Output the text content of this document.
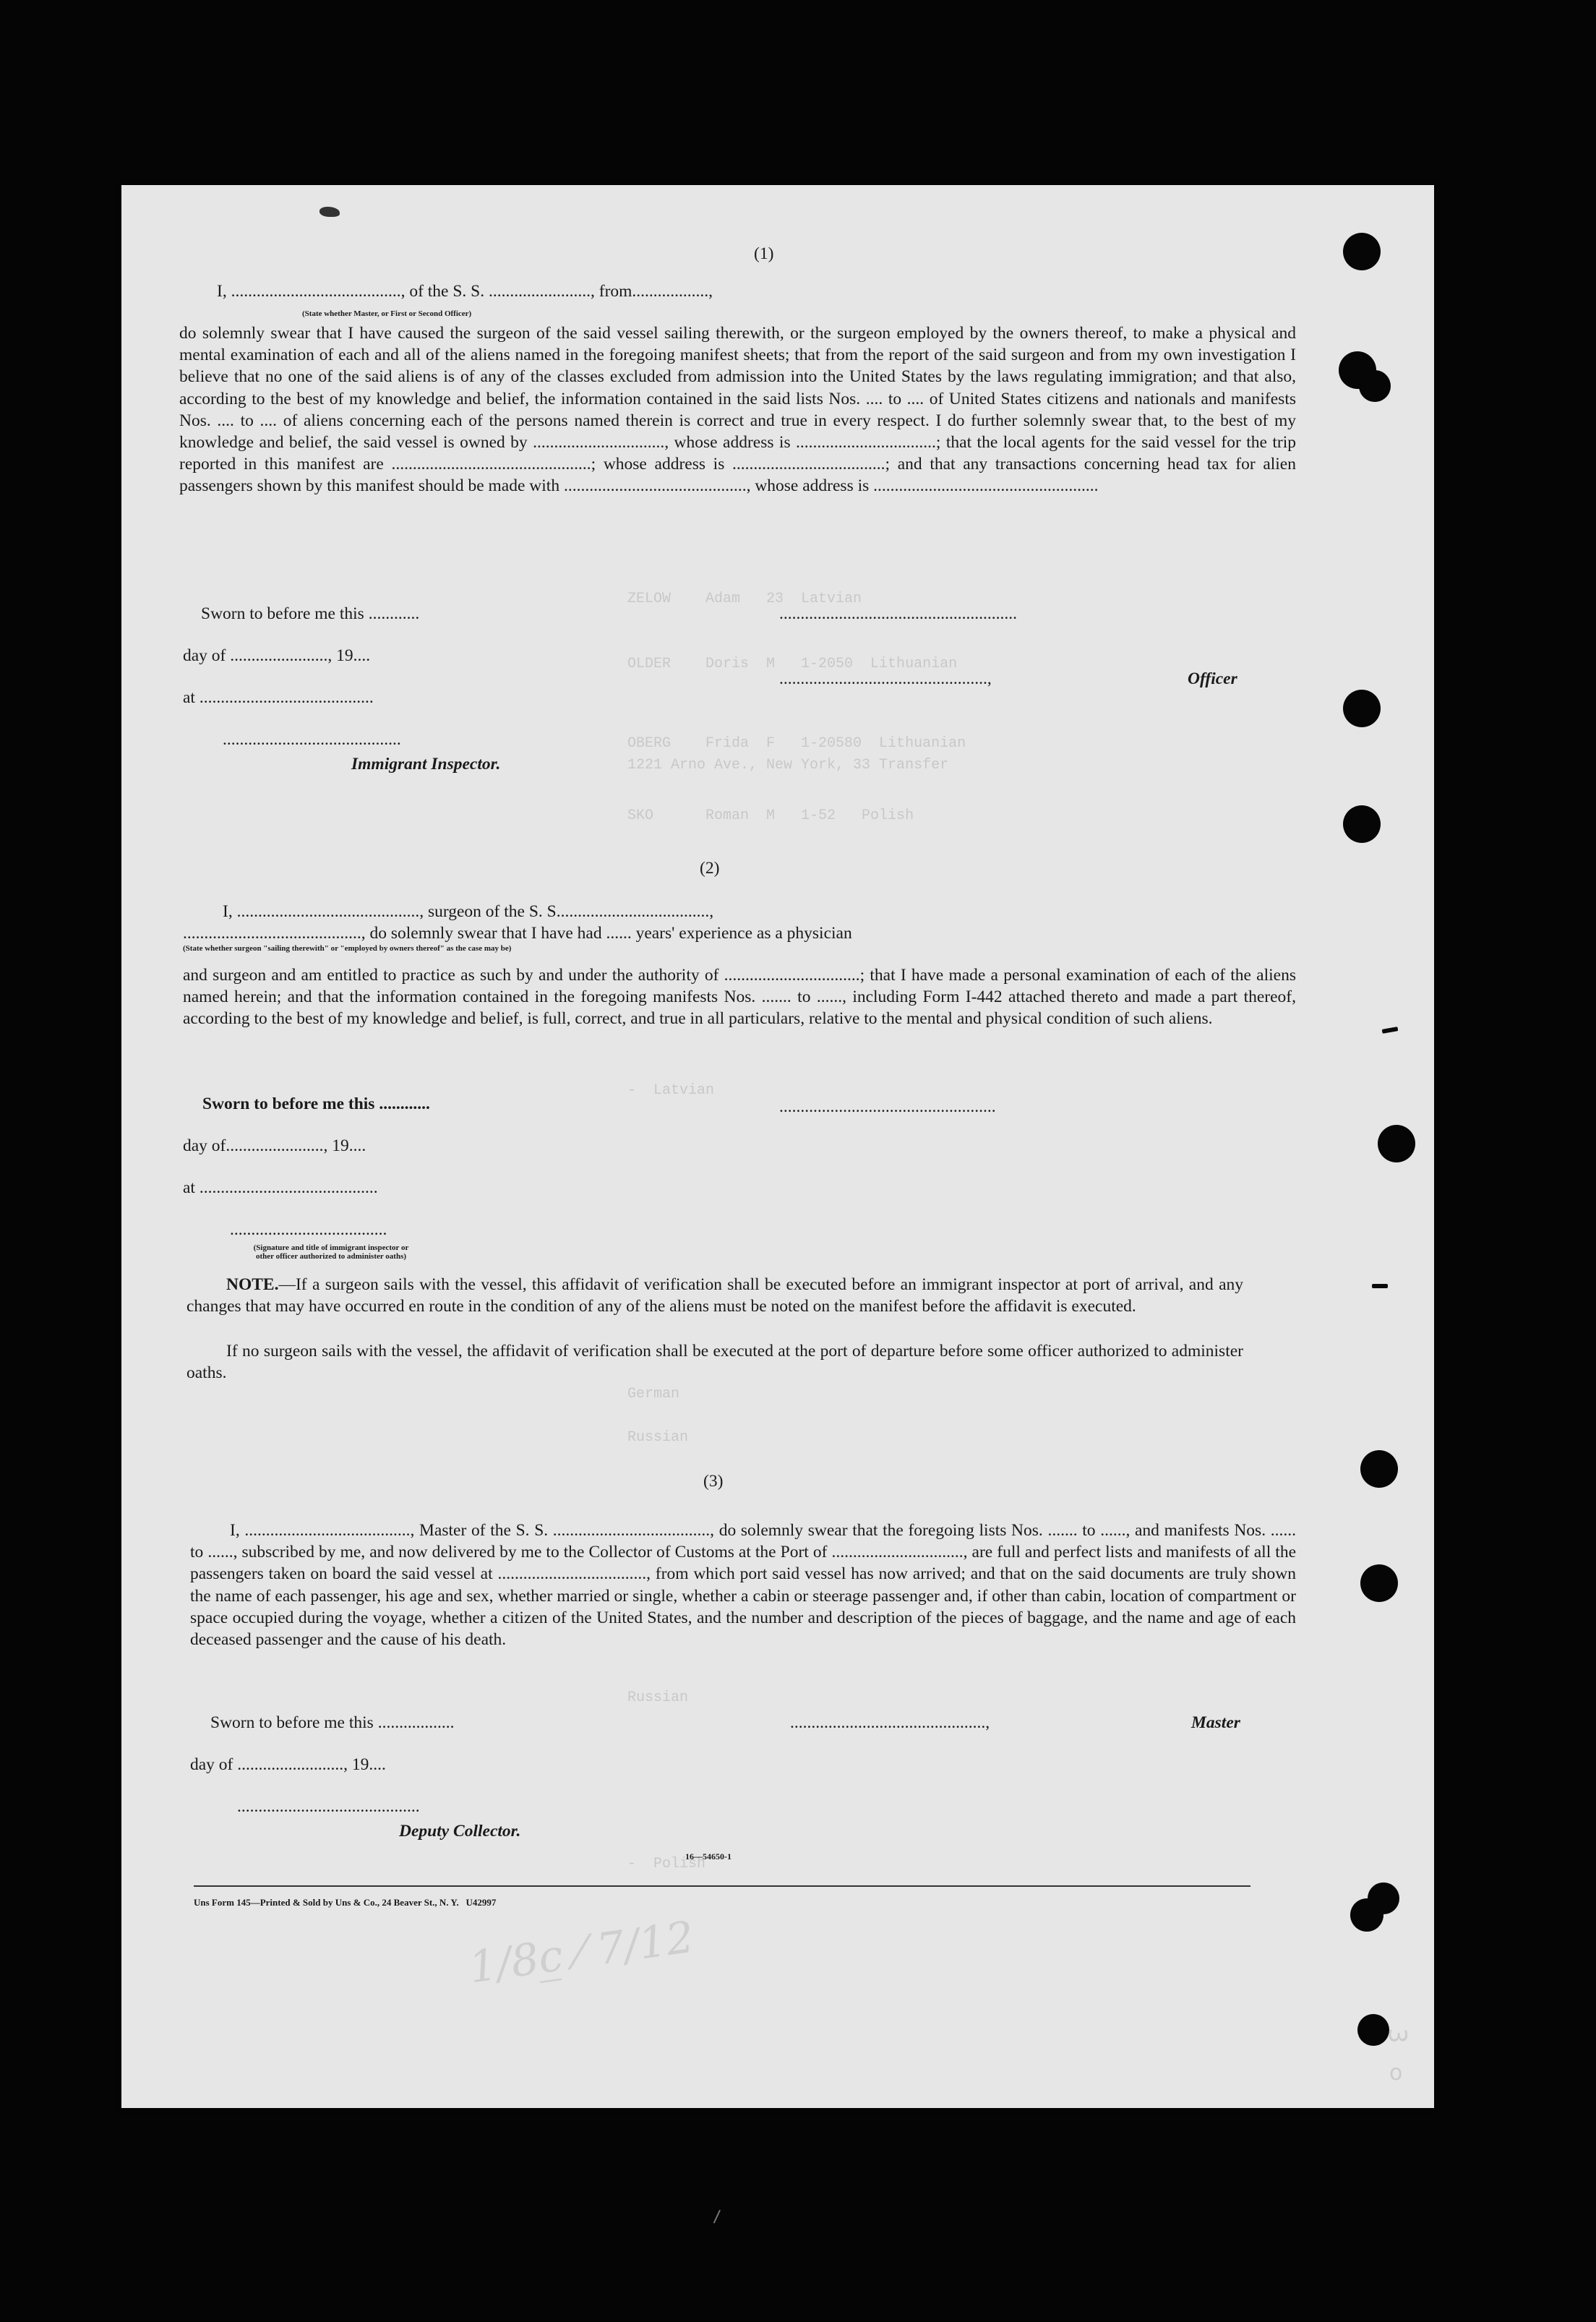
ZELOW    Adam   23  Latvian
OLDER    Doris  M   1-2050  Lithuanian
OBERG    Frida  F   1-20580  Lithuanian
1221 Arno Ave., New York, 33 Transfer
SKO      Roman  M   1-52   Polish
-  Latvian
German
Russian
Russian
-  Polish
1/8c̲ ⁄ 7/12
(1)
I, ........................................, of the S. S. ........................, from..................,
(State whether Master, or First or Second Officer)
do solemnly swear that I have caused the surgeon of the said vessel sailing therewith, or the surgeon employed by the owners thereof, to make a physical and mental examination of each and all of the aliens named in the foregoing manifest sheets; that from the report of the said surgeon and from my own investigation I believe that no one of the said aliens is of any of the classes excluded from admission into the United States by the laws regulating immigration; and that also, according to the best of my knowledge and belief, the information contained in the said lists Nos. .... to .... of United States citizens and nationals and manifests Nos. .... to .... of aliens concerning each of the persons named therein is correct and true in every respect. I do further solemnly swear that, to the best of my knowledge and belief, the said vessel is owned by ..............................., whose address is .................................; that the local agents for the said vessel for the trip reported in this manifest are ...............................................; whose address is ....................................; and that any transactions concerning head tax for alien passengers shown by this manifest should be made with ..........................................., whose address is .....................................................
Sworn to before me this ............
day of ......................., 19....
at .........................................
..........................................
Immigrant Inspector.
........................................................
.................................................,	Officer
(2)
I, ..........................................., surgeon of the S. S....................................,
.........................................., do solemnly swear that I have had ...... years' experience as a physician
(State whether surgeon "sailing therewith" or "employed by owners thereof" as the case may be)
and surgeon and am entitled to practice as such by and under the authority of ................................; that I have made a personal examination of each of the aliens named herein; and that the information contained in the foregoing manifests Nos. ....... to ......, including Form I-442 attached thereto and made a part thereof, according to the best of my knowledge and belief, is full, correct, and true in all particulars, relative to the mental and physical condition of such aliens.
Sworn to before me this ............
day of......................., 19....
at ..........................................
.....................................
(Signature and title of immigrant inspector or
other officer authorized to administer oaths)
...................................................
NOTE.—If a surgeon sails with the vessel, this affidavit of verification shall be executed before an immigrant inspector at port of arrival, and any changes that may have occurred en route in the condition of any of the aliens must be noted on the manifest before the affidavit is executed.
If no surgeon sails with the vessel, the affidavit of verification shall be executed at the port of departure before some officer authorized to administer oaths.
(3)
I, ......................................., Master of the S. S. ....................................., do solemnly swear that the foregoing lists Nos. ....... to ......, and manifests Nos. ...... to ......, subscribed by me, and now delivered by me to the Collector of Customs at the Port of ..............................., are full and perfect lists and manifests of all the passengers taken on board the said vessel at ..................................., from which port said vessel has now arrived; and that on the said documents are truly shown the name of each passenger, his age and sex, whether married or single, whether a cabin or steerage passenger and, if other than cabin, location of compartment or space occupied during the voyage, whether a citizen of the United States, and the number and description of the pieces of baggage, and the name and age of each deceased passenger and the cause of his death.
Sworn to before me this ..................
day of ........................., 19....
...........................................
Deputy Collector.
..............................................,	Master
16—54650-1
Uns Form 145—Printed & Sold by Uns & Co., 24 Beaver St., N. Y.   U42997
3
o
